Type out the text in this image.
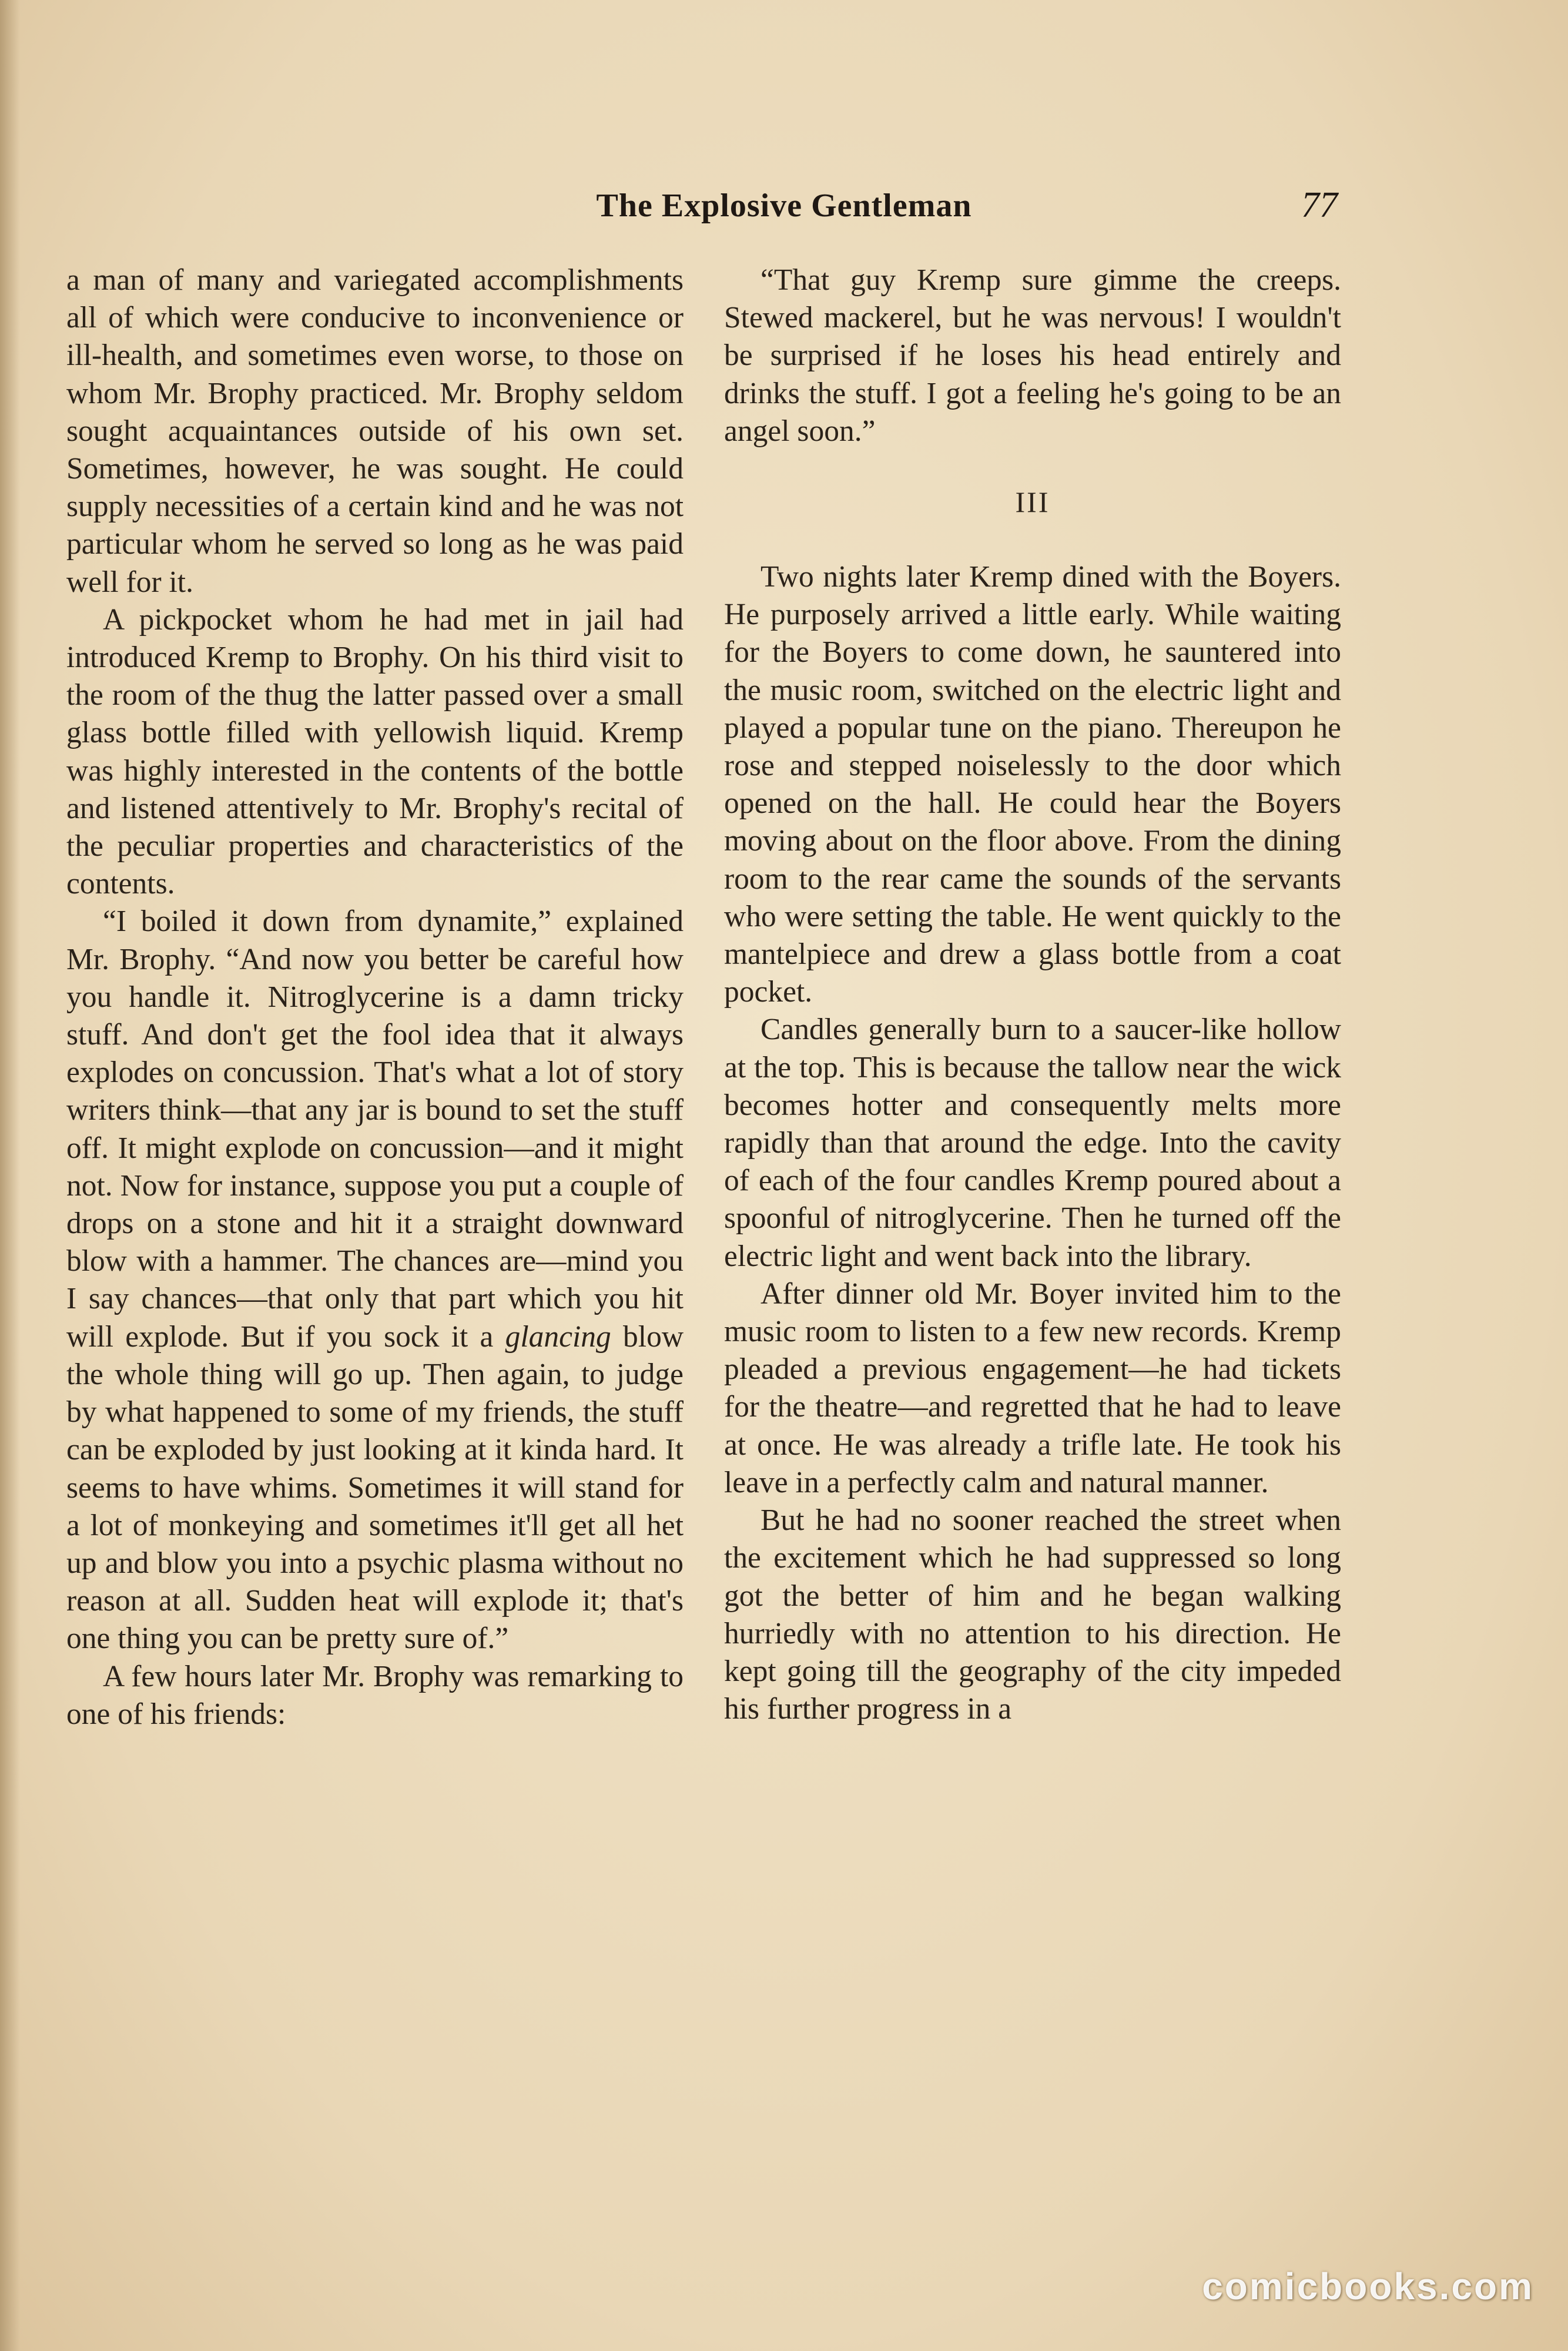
The Explosive Gentleman	77

a man of many and variegated accomplishments all of which were conducive to inconvenience or ill-health, and sometimes even worse, to those on whom Mr. Brophy practiced. Mr. Brophy seldom sought acquaintances outside of his own set. Sometimes, however, he was sought. He could supply necessities of a certain kind and he was not particular whom he served so long as he was paid well for it.

A pickpocket whom he had met in jail had introduced Kremp to Brophy. On his third visit to the room of the thug the latter passed over a small glass bottle filled with yellowish liquid. Kremp was highly interested in the contents of the bottle and listened attentively to Mr. Brophy's recital of the peculiar properties and characteristics of the contents.

“I boiled it down from dynamite,” explained Mr. Brophy. “And now you better be careful how you handle it. Nitroglycerine is a damn tricky stuff. And don't get the fool idea that it always explodes on concussion. That's what a lot of story writers think—that any jar is bound to set the stuff off. It might explode on concussion—and it might not. Now for instance, suppose you put a couple of drops on a stone and hit it a straight downward blow with a hammer. The chances are—mind you I say chances—that only that part which you hit will explode. But if you sock it a glancing blow the whole thing will go up. Then again, to judge by what happened to some of my friends, the stuff can be exploded by just looking at it kinda hard. It seems to have whims. Sometimes it will stand for a lot of monkeying and sometimes it'll get all het up and blow you into a psychic plasma without no reason at all. Sudden heat will explode it; that's one thing you can be pretty sure of.”

A few hours later Mr. Brophy was remarking to one of his friends:

“That guy Kremp sure gimme the creeps. Stewed mackerel, but he was nervous! I wouldn't be surprised if he loses his head entirely and drinks the stuff. I got a feeling he's going to be an angel soon.”

III

Two nights later Kremp dined with the Boyers. He purposely arrived a little early. While waiting for the Boyers to come down, he sauntered into the music room, switched on the electric light and played a popular tune on the piano. Thereupon he rose and stepped noiselessly to the door which opened on the hall. He could hear the Boyers moving about on the floor above. From the dining room to the rear came the sounds of the servants who were setting the table. He went quickly to the mantelpiece and drew a glass bottle from a coat pocket.

Candles generally burn to a saucer-like hollow at the top. This is because the tallow near the wick becomes hotter and consequently melts more rapidly than that around the edge. Into the cavity of each of the four candles Kremp poured about a spoonful of nitroglycerine. Then he turned off the electric light and went back into the library.

After dinner old Mr. Boyer invited him to the music room to listen to a few new records. Kremp pleaded a previous engagement—he had tickets for the theatre—and regretted that he had to leave at once. He was already a trifle late. He took his leave in a perfectly calm and natural manner.

But he had no sooner reached the street when the excitement which he had suppressed so long got the better of him and he began walking hurriedly with no attention to his direction. He kept going till the geography of the city impeded his further progress in a

comicbooks.com
